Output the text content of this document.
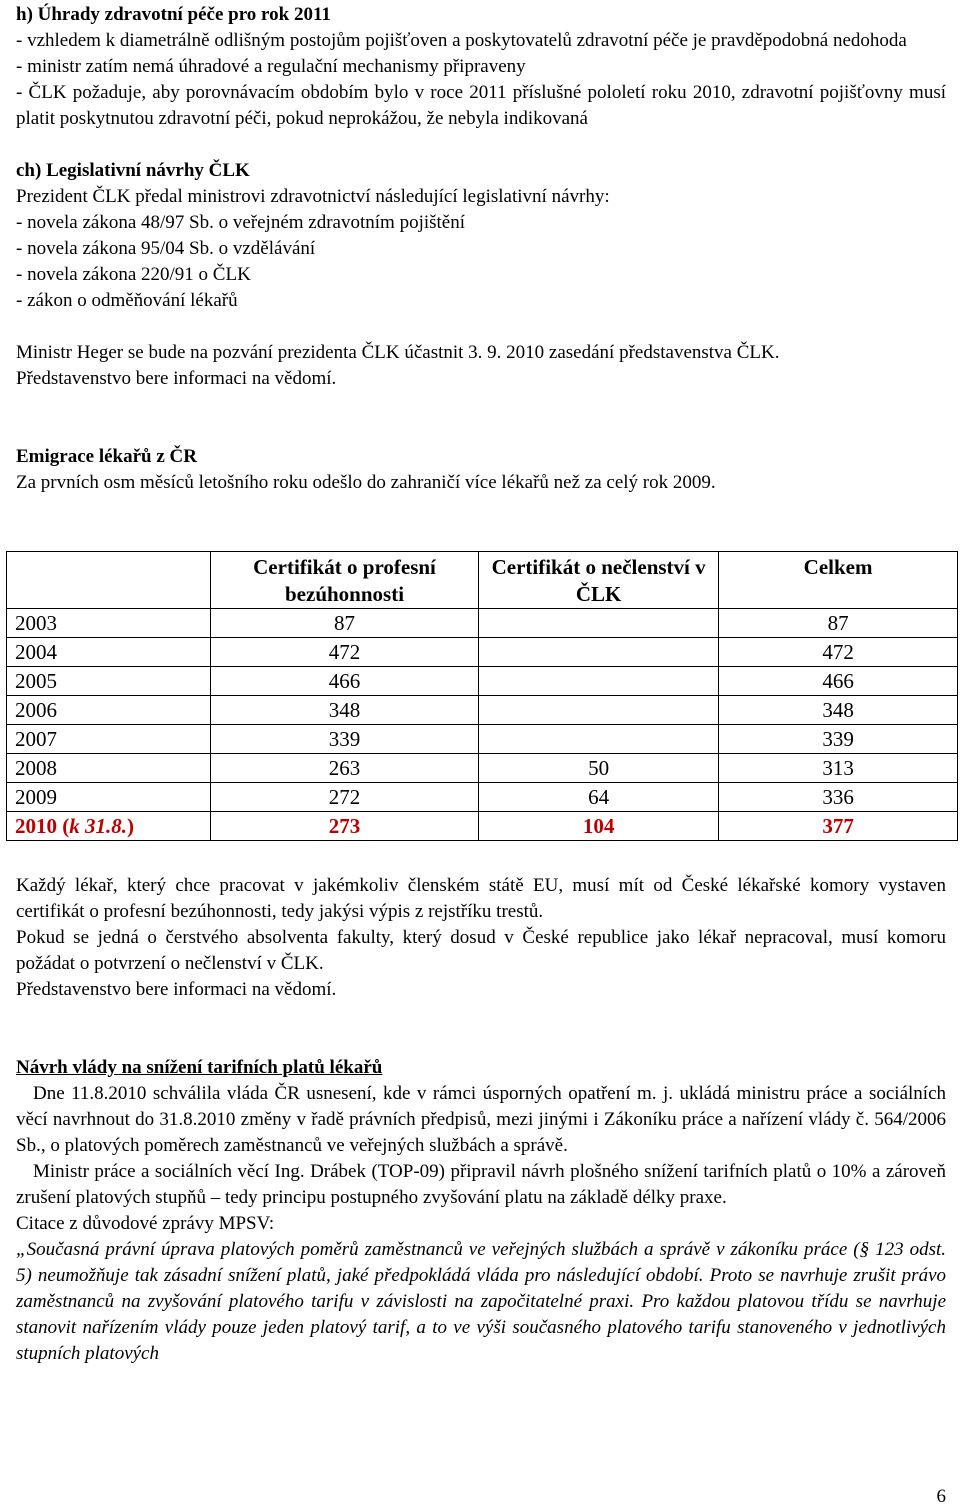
h) Úhrady zdravotní péče pro rok 2011

- vzhledem k diametrálně odlišným postojům pojišťoven a poskytovatelů zdravotní péče je pravděpodobná nedohoda

- ministr zatím nemá úhradové a regulační mechanismy připraveny

- ČLK požaduje, aby porovnávacím obdobím bylo v roce 2011 příslušné pololetí roku 2010, zdravotní pojišťovny musí platit poskytnutou zdravotní péči, pokud neprokážou, že nebyla indikovaná

ch) Legislativní návrhy ČLK

Prezident ČLK předal ministrovi zdravotnictví následující legislativní návrhy:

- novela zákona 48/97 Sb. o veřejném zdravotním pojištění

- novela zákona 95/04 Sb. o vzdělávání

- novela zákona 220/91 o ČLK

- zákon o odměňování lékařů

Ministr Heger se bude na pozvání prezidenta ČLK účastnit 3. 9. 2010 zasedání představenstva ČLK.

Představenstvo bere informaci na vědomí.

Emigrace lékařů z ČR

Za prvních osm měsíců letošního roku odešlo do zahraničí více lékařů než za celý rok 2009.

	Certifikát o profesní bezúhonnosti	Certifikát o nečlenství v ČLK	Celkem
2003	87		87
2004	472		472
2005	466		466
2006	348		348
2007	339		339
2008	263	50	313
2009	272	64	336
2010 (k 31.8.)	273	104	377

Každý lékař, který chce pracovat v jakémkoliv členském státě EU, musí mít od České lékařské komory vystaven certifikát o profesní bezúhonnosti, tedy jakýsi výpis z rejstříku trestů.

Pokud se jedná o čerstvého absolventa fakulty, který dosud v České republice jako lékař nepracoval, musí komoru požádat o potvrzení o nečlenství v ČLK.

Představenstvo bere informaci na vědomí.

Návrh vlády na snížení tarifních platů lékařů

Dne 11.8.2010 schválila vláda ČR usnesení, kde v rámci úsporných opatření m. j. ukládá ministru práce a sociálních věcí navrhnout do 31.8.2010 změny v řadě právních předpisů, mezi jinými i Zákoníku práce a nařízení vlády č. 564/2006 Sb., o platových poměrech zaměstnanců ve veřejných službách a správě.

Ministr práce a sociálních věcí Ing. Drábek (TOP-09) připravil návrh plošného snížení tarifních platů o 10% a zároveň zrušení platových stupňů – tedy principu postupného zvyšování platu na základě délky praxe.

Citace z důvodové zprávy MPSV:

„Současná právní úprava platových poměrů zaměstnanců ve veřejných službách a správě v zákoníku práce (§ 123 odst. 5) neumožňuje tak zásadní snížení platů, jaké předpokládá vláda pro následující období. Proto se navrhuje zrušit právo zaměstnanců na zvyšování platového tarifu v závislosti na započitatelné praxi. Pro každou platovou třídu se navrhuje stanovit nařízením vlády pouze jeden platový tarif, a to ve výši současného platového tarifu stanoveného v jednotlivých stupních platových

6
